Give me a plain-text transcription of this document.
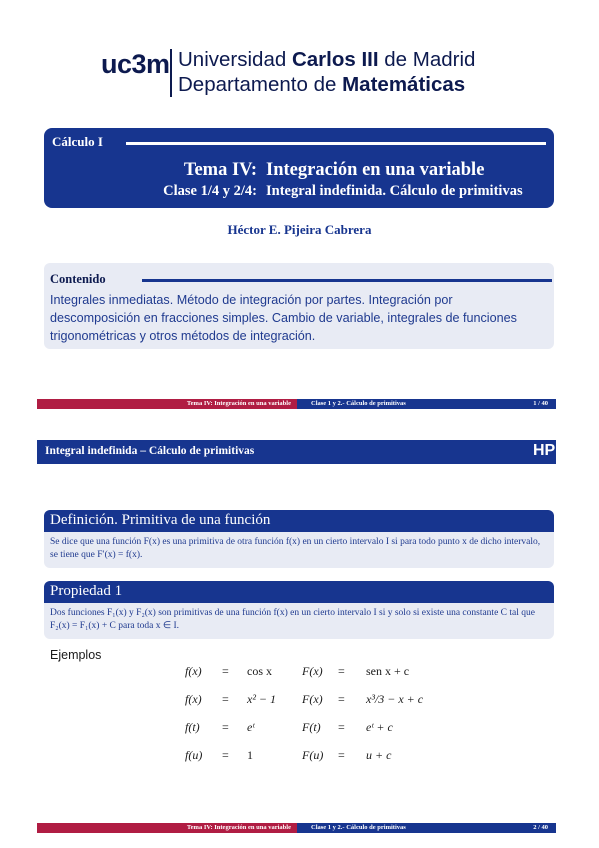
uc3m Universidad Carlos III de Madrid
Departamento de Matemáticas
Cálculo I
Tema IV: Integración en una variable
Clase 1/4 y 2/4: Integral indefinida. Cálculo de primitivas
Héctor E. Pijeira Cabrera
Contenido
Integrales inmediatas. Método de integración por partes. Integración por descomposición en fracciones simples. Cambio de variable, integrales de funciones trigonométricas y otros métodos de integración.
Tema IV: Integración en una variable	Clase 1 y 2.- Cálculo de primitivas	1 / 40
Integral indefinida – Cálculo de primitivas	HP
Definición. Primitiva de una función
Se dice que una función F(x) es una primitiva de otra función f(x) en un cierto intervalo I si para todo punto x de dicho intervalo, se tiene que F′(x) = f(x).
Propiedad 1
Dos funciones F₁(x) y F₂(x) son primitivas de una función f(x) en un cierto intervalo I si y solo si existe una constante C tal que F₂(x) = F₁(x) + C para toda x ∈ I.
Ejemplos
f(x) = cos x	F(x) = sen x + c
f(x) = x² − 1 F(x) = x³/3 − x + c
f(t) = eᵗ	F(t) = eᵗ + c
f(u) = 1	F(u) = u + c
Tema IV: Integración en una variable	Clase 1 y 2.- Cálculo de primitivas	2 / 40
